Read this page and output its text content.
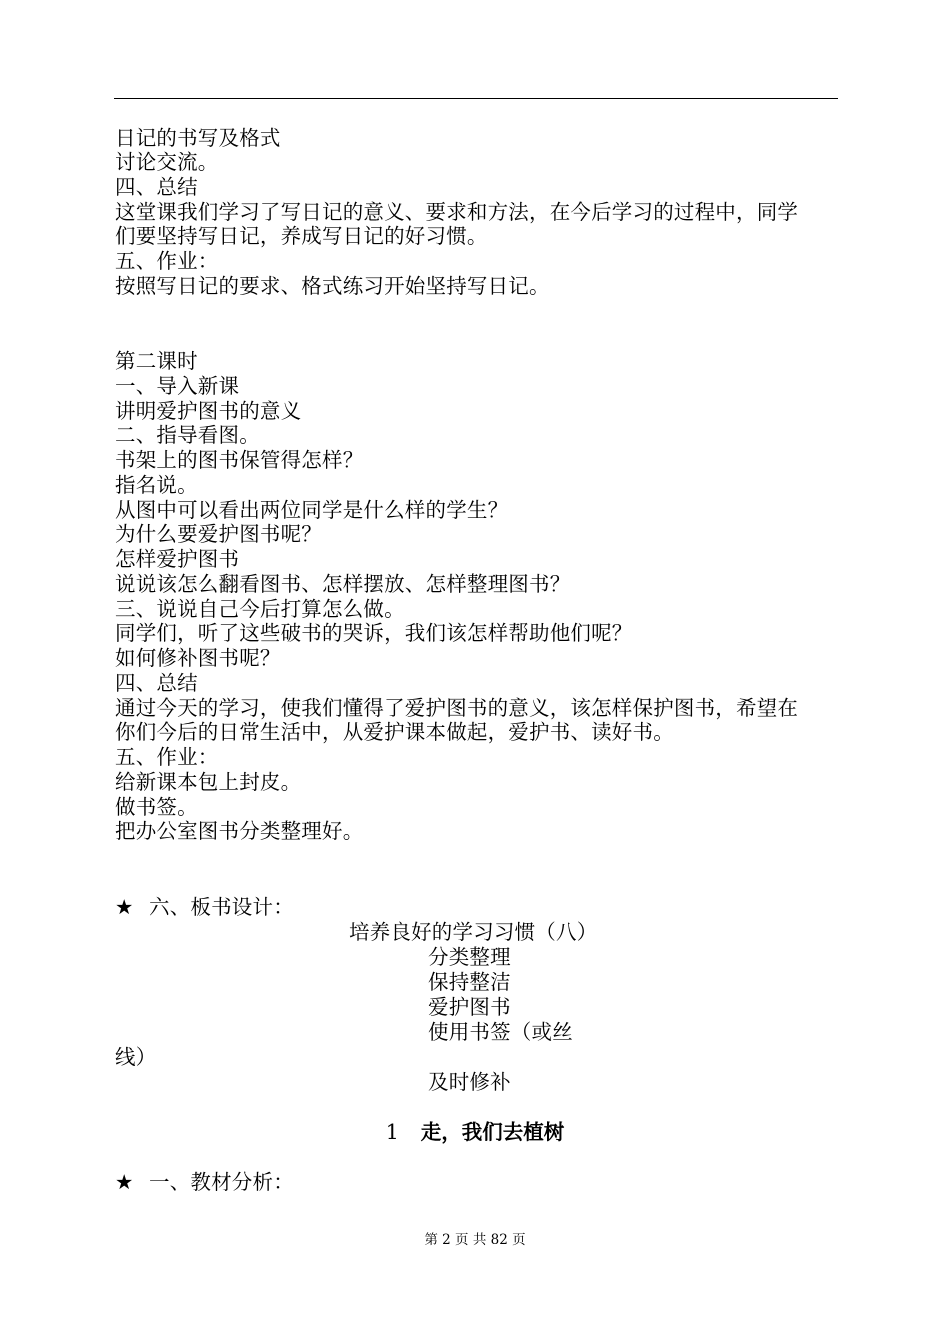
日记的书写及格式
讨论交流。
四、总结
这堂课我们学习了写日记的意义、要求和方法，在今后学习的过程中，同学
们要坚持写日记，养成写日记的好习惯。
五、作业：
按照写日记的要求、格式练习开始坚持写日记。
第二课时
一、导入新课
讲明爱护图书的意义
二、指导看图。
书架上的图书保管得怎样？
指名说。
从图中可以看出两位同学是什么样的学生？
为什么要爱护图书呢？
怎样爱护图书
说说该怎么翻看图书、怎样摆放、怎样整理图书？
三、说说自己今后打算怎么做。
同学们，听了这些破书的哭诉，我们该怎样帮助他们呢？
如何修补图书呢？
四、总结
通过今天的学习，使我们懂得了爱护图书的意义，该怎样保护图书，希望在
你们今后的日常生活中，从爱护课本做起，爱护书、读好书。
五、作业：
给新课本包上封皮。
做书签。
把办公室图书分类整理好。
★ 六、板书设计：
培养良好的学习习惯（八）
分类整理
保持整洁
爱护图书
使用书签（或丝
线）
及时修补
1 走，我们去植树
★ 一、教材分析：
第 2 页 共 82 页
